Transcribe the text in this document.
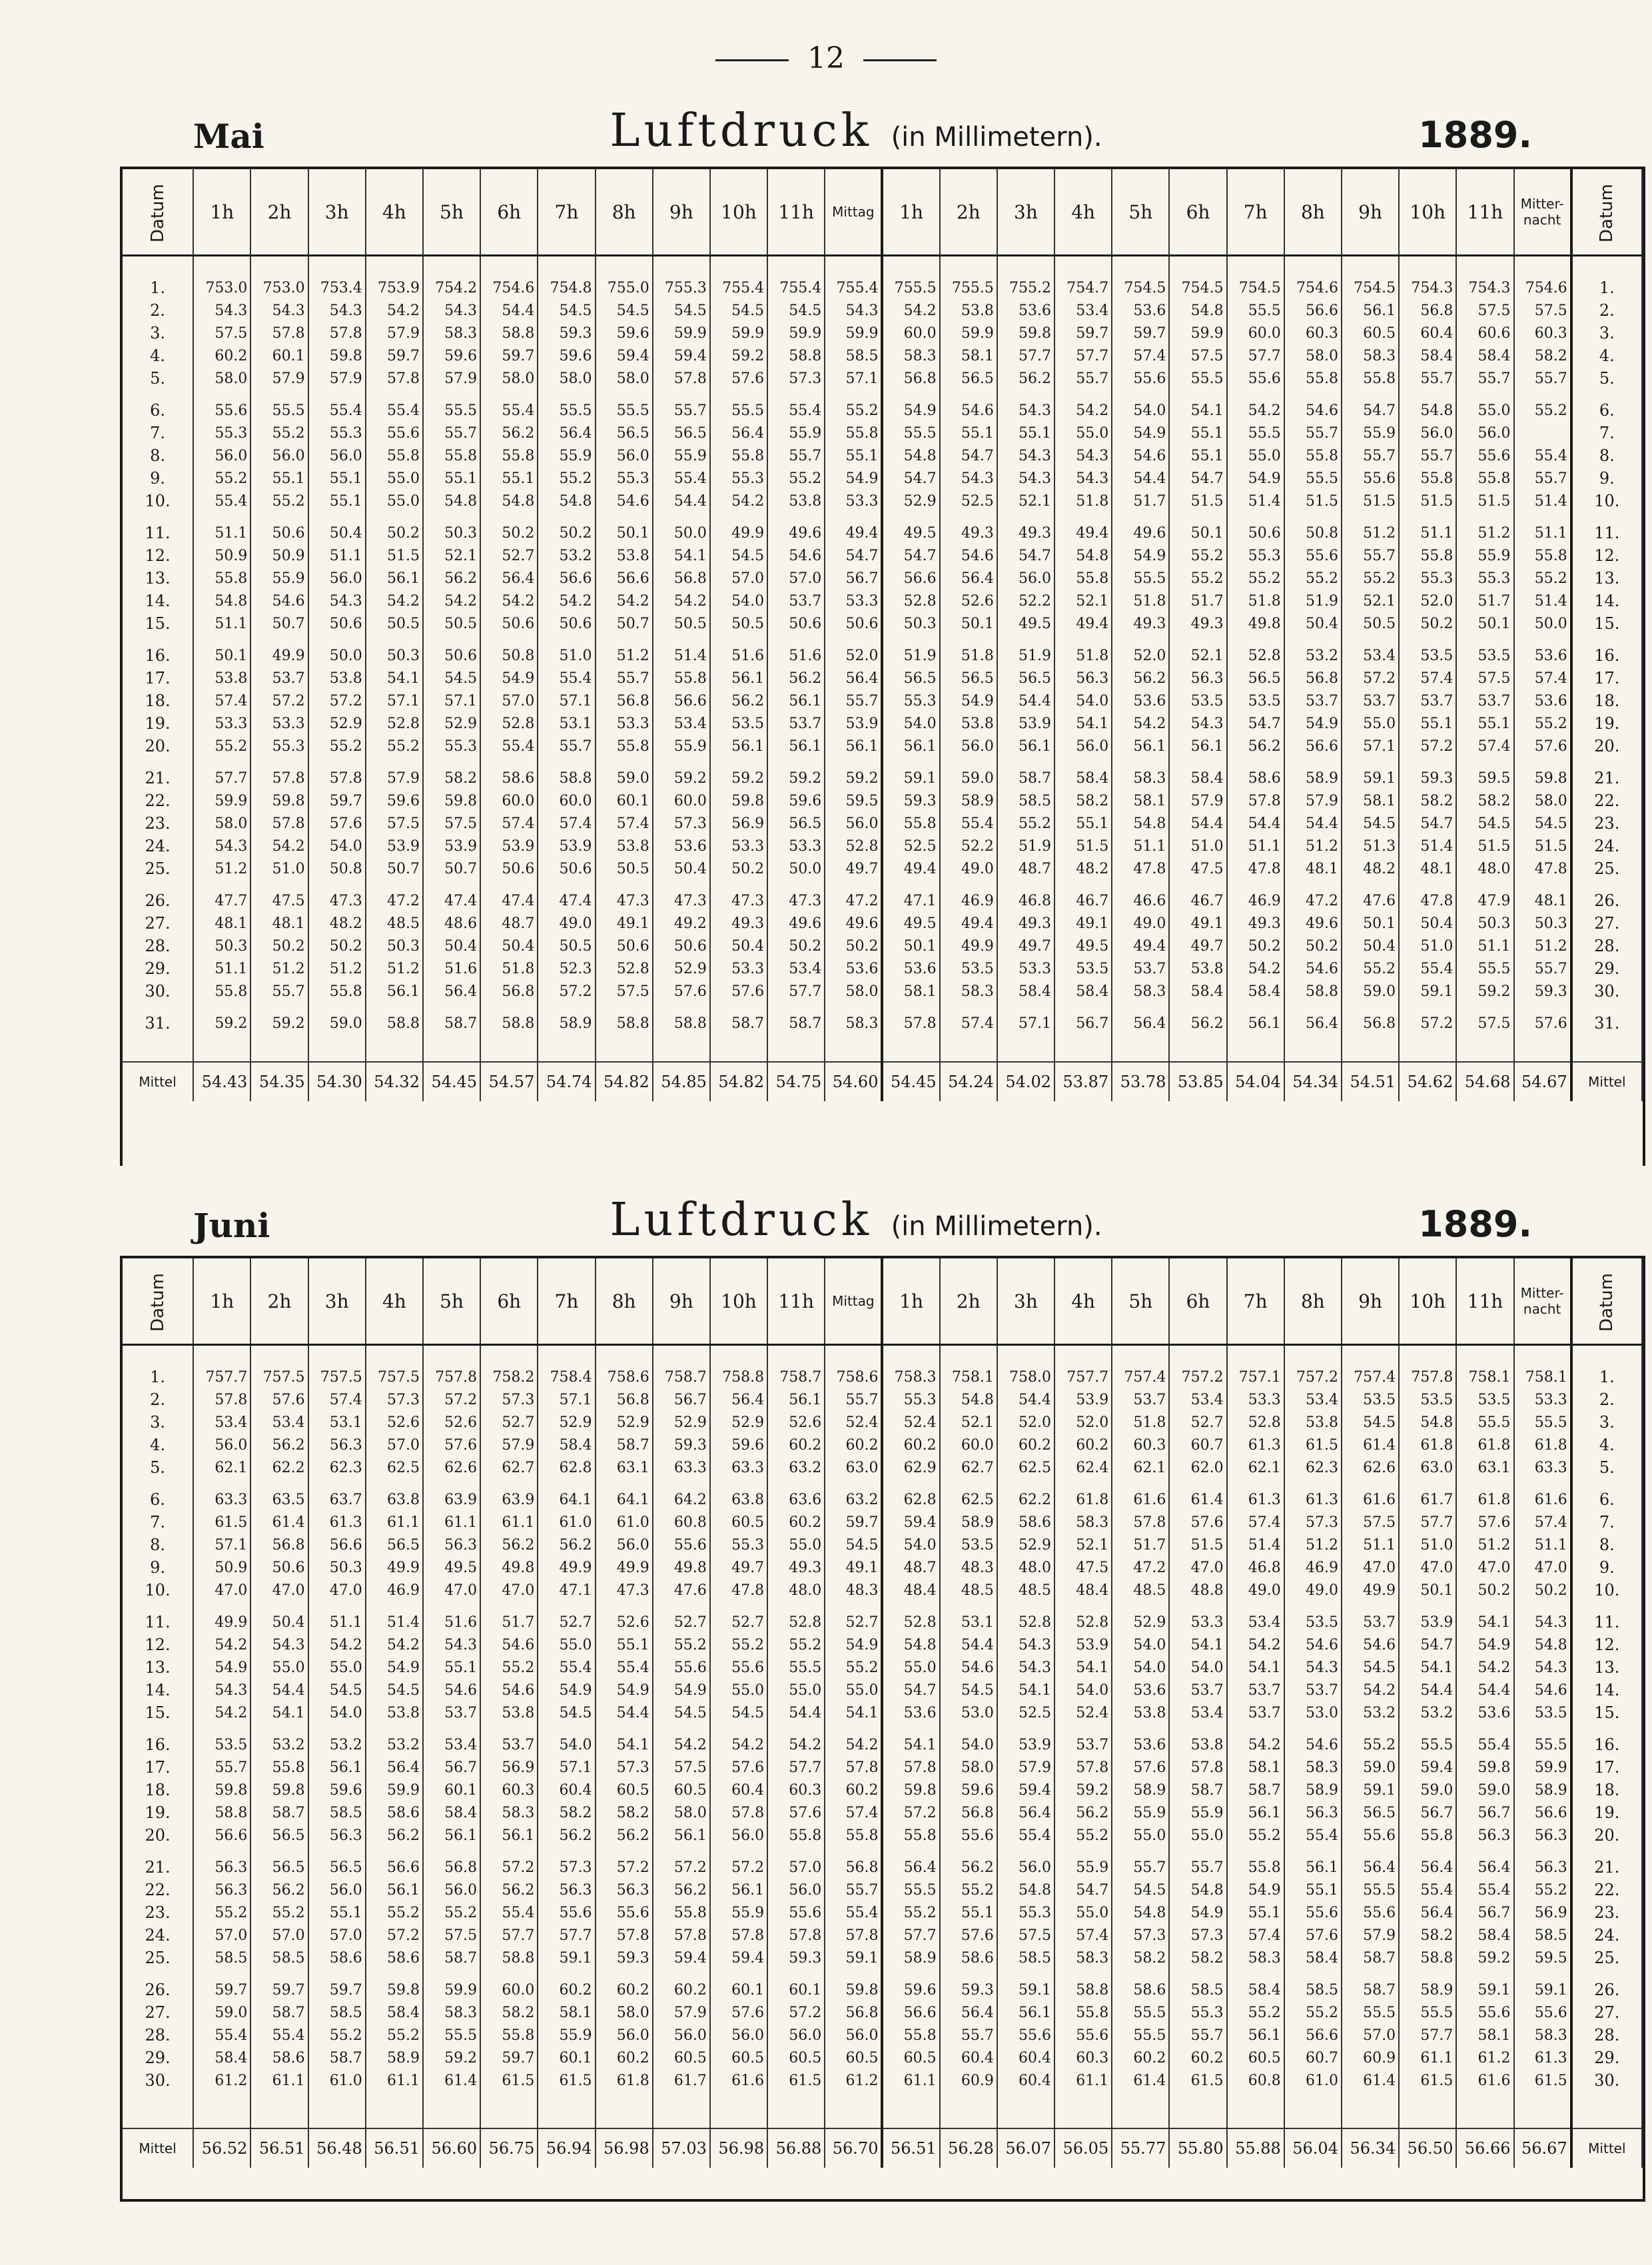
12
Mai	Luftdruck (in Millimetern).	1889.
Datum	1h	2h	3h	4h	5h	6h	7h	8h	9h	10h	11h	Mittag	1h	2h	3h	4h	5h	6h	7h	8h	9h	10h	11h	Mitter-nacht	Datum
1.	753.0	753.0	753.4	753.9	754.2	754.6	754.8	755.0	755.3	755.4	755.4	755.4	755.5	755.5	755.2	754.7	754.5	754.5	754.5	754.6	754.5	754.3	754.3	754.6	1.
2.	54.3	54.3	54.3	54.2	54.3	54.4	54.5	54.5	54.5	54.5	54.5	54.3	54.2	53.8	53.6	53.4	53.6	54.8	55.5	56.6	56.1	56.8	57.5	57.5	2.
3.	57.5	57.8	57.8	57.9	58.3	58.8	59.3	59.6	59.9	59.9	59.9	59.9	60.0	59.9	59.8	59.7	59.7	59.9	60.0	60.3	60.5	60.4	60.6	60.3	3.
4.	60.2	60.1	59.8	59.7	59.6	59.7	59.6	59.4	59.4	59.2	58.8	58.5	58.3	58.1	57.7	57.7	57.4	57.5	57.7	58.0	58.3	58.4	58.4	58.2	4.
5.	58.0	57.9	57.9	57.8	57.9	58.0	58.0	58.0	57.8	57.6	57.3	57.1	56.8	56.5	56.2	55.7	55.6	55.5	55.6	55.8	55.8	55.7	55.7	55.7	5.
6.	55.6	55.5	55.4	55.4	55.5	55.4	55.5	55.5	55.7	55.5	55.4	55.2	54.9	54.6	54.3	54.2	54.0	54.1	54.2	54.6	54.7	54.8	55.0	55.2	6.
7.	55.3	55.2	55.3	55.6	55.7	56.2	56.4	56.5	56.5	56.4	55.9	55.8	55.5	55.1	55.1	55.0	54.9	55.1	55.5	55.7	55.9	56.0	56.0		7.
8.	56.0	56.0	56.0	55.8	55.8	55.8	55.9	56.0	55.9	55.8	55.7	55.1	54.8	54.7	54.3	54.3	54.6	55.1	55.0	55.8	55.7	55.7	55.6	55.4	8.
9.	55.2	55.1	55.1	55.0	55.1	55.1	55.2	55.3	55.4	55.3	55.2	54.9	54.7	54.3	54.3	54.3	54.4	54.7	54.9	55.5	55.6	55.8	55.8	55.7	9.
10.	55.4	55.2	55.1	55.0	54.8	54.8	54.8	54.6	54.4	54.2	53.8	53.3	52.9	52.5	52.1	51.8	51.7	51.5	51.4	51.5	51.5	51.5	51.5	51.4	10.
11.	51.1	50.6	50.4	50.2	50.3	50.2	50.2	50.1	50.0	49.9	49.6	49.4	49.5	49.3	49.3	49.4	49.6	50.1	50.6	50.8	51.2	51.1	51.2	51.1	11.
12.	50.9	50.9	51.1	51.5	52.1	52.7	53.2	53.8	54.1	54.5	54.6	54.7	54.7	54.6	54.7	54.8	54.9	55.2	55.3	55.6	55.7	55.8	55.9	55.8	12.
13.	55.8	55.9	56.0	56.1	56.2	56.4	56.6	56.6	56.8	57.0	57.0	56.7	56.6	56.4	56.0	55.8	55.5	55.2	55.2	55.2	55.2	55.3	55.3	55.2	13.
14.	54.8	54.6	54.3	54.2	54.2	54.2	54.2	54.2	54.2	54.0	53.7	53.3	52.8	52.6	52.2	52.1	51.8	51.7	51.8	51.9	52.1	52.0	51.7	51.4	14.
15.	51.1	50.7	50.6	50.5	50.5	50.6	50.6	50.7	50.5	50.5	50.6	50.6	50.3	50.1	49.5	49.4	49.3	49.3	49.8	50.4	50.5	50.2	50.1	50.0	15.
16.	50.1	49.9	50.0	50.3	50.6	50.8	51.0	51.2	51.4	51.6	51.6	52.0	51.9	51.8	51.9	51.8	52.0	52.1	52.8	53.2	53.4	53.5	53.5	53.6	16.
17.	53.8	53.7	53.8	54.1	54.5	54.9	55.4	55.7	55.8	56.1	56.2	56.4	56.5	56.5	56.5	56.3	56.2	56.3	56.5	56.8	57.2	57.4	57.5	57.4	17.
18.	57.4	57.2	57.2	57.1	57.1	57.0	57.1	56.8	56.6	56.2	56.1	55.7	55.3	54.9	54.4	54.0	53.6	53.5	53.5	53.7	53.7	53.7	53.7	53.6	18.
19.	53.3	53.3	52.9	52.8	52.9	52.8	53.1	53.3	53.4	53.5	53.7	53.9	54.0	53.8	53.9	54.1	54.2	54.3	54.7	54.9	55.0	55.1	55.1	55.2	19.
20.	55.2	55.3	55.2	55.2	55.3	55.4	55.7	55.8	55.9	56.1	56.1	56.1	56.1	56.0	56.1	56.0	56.1	56.1	56.2	56.6	57.1	57.2	57.4	57.6	20.
21.	57.7	57.8	57.8	57.9	58.2	58.6	58.8	59.0	59.2	59.2	59.2	59.2	59.1	59.0	58.7	58.4	58.3	58.4	58.6	58.9	59.1	59.3	59.5	59.8	21.
22.	59.9	59.8	59.7	59.6	59.8	60.0	60.0	60.1	60.0	59.8	59.6	59.5	59.3	58.9	58.5	58.2	58.1	57.9	57.8	57.9	58.1	58.2	58.2	58.0	22.
23.	58.0	57.8	57.6	57.5	57.5	57.4	57.4	57.4	57.3	56.9	56.5	56.0	55.8	55.4	55.2	55.1	54.8	54.4	54.4	54.4	54.5	54.7	54.5	54.5	23.
24.	54.3	54.2	54.0	53.9	53.9	53.9	53.9	53.8	53.6	53.3	53.3	52.8	52.5	52.2	51.9	51.5	51.1	51.0	51.1	51.2	51.3	51.4	51.5	51.5	24.
25.	51.2	51.0	50.8	50.7	50.7	50.6	50.6	50.5	50.4	50.2	50.0	49.7	49.4	49.0	48.7	48.2	47.8	47.5	47.8	48.1	48.2	48.1	48.0	47.8	25.
26.	47.7	47.5	47.3	47.2	47.4	47.4	47.4	47.3	47.3	47.3	47.3	47.2	47.1	46.9	46.8	46.7	46.6	46.7	46.9	47.2	47.6	47.8	47.9	48.1	26.
27.	48.1	48.1	48.2	48.5	48.6	48.7	49.0	49.1	49.2	49.3	49.6	49.6	49.5	49.4	49.3	49.1	49.0	49.1	49.3	49.6	50.1	50.4	50.3	50.3	27.
28.	50.3	50.2	50.2	50.3	50.4	50.4	50.5	50.6	50.6	50.4	50.2	50.2	50.1	49.9	49.7	49.5	49.4	49.7	50.2	50.2	50.4	51.0	51.1	51.2	28.
29.	51.1	51.2	51.2	51.2	51.6	51.8	52.3	52.8	52.9	53.3	53.4	53.6	53.6	53.5	53.3	53.5	53.7	53.8	54.2	54.6	55.2	55.4	55.5	55.7	29.
30.	55.8	55.7	55.8	56.1	56.4	56.8	57.2	57.5	57.6	57.6	57.7	58.0	58.1	58.3	58.4	58.4	58.3	58.4	58.4	58.8	59.0	59.1	59.2	59.3	30.
31.	59.2	59.2	59.0	58.8	58.7	58.8	58.9	58.8	58.8	58.7	58.7	58.3	57.8	57.4	57.1	56.7	56.4	56.2	56.1	56.4	56.8	57.2	57.5	57.6	31.

Mittel	54.43	54.35	54.30	54.32	54.45	54.57	54.74	54.82	54.85	54.82	54.75	54.60	54.45	54.24	54.02	53.87	53.78	53.85	54.04	54.34	54.51	54.62	54.68	54.67	Mittel
Juni	Luftdruck (in Millimetern).	1889.
Datum	1h	2h	3h	4h	5h	6h	7h	8h	9h	10h	11h	Mittag	1h	2h	3h	4h	5h	6h	7h	8h	9h	10h	11h	Mitter-nacht	Datum
1.	757.7	757.5	757.5	757.5	757.8	758.2	758.4	758.6	758.7	758.8	758.7	758.6	758.3	758.1	758.0	757.7	757.4	757.2	757.1	757.2	757.4	757.8	758.1	758.1	1.
2.	57.8	57.6	57.4	57.3	57.2	57.3	57.1	56.8	56.7	56.4	56.1	55.7	55.3	54.8	54.4	53.9	53.7	53.4	53.3	53.4	53.5	53.5	53.5	53.3	2.
3.	53.4	53.4	53.1	52.6	52.6	52.7	52.9	52.9	52.9	52.9	52.6	52.4	52.4	52.1	52.0	52.0	51.8	52.7	52.8	53.8	54.5	54.8	55.5	55.5	3.
4.	56.0	56.2	56.3	57.0	57.6	57.9	58.4	58.7	59.3	59.6	60.2	60.2	60.2	60.0	60.2	60.2	60.3	60.7	61.3	61.5	61.4	61.8	61.8	61.8	4.
5.	62.1	62.2	62.3	62.5	62.6	62.7	62.8	63.1	63.3	63.3	63.2	63.0	62.9	62.7	62.5	62.4	62.1	62.0	62.1	62.3	62.6	63.0	63.1	63.3	5.
6.	63.3	63.5	63.7	63.8	63.9	63.9	64.1	64.1	64.2	63.8	63.6	63.2	62.8	62.5	62.2	61.8	61.6	61.4	61.3	61.3	61.6	61.7	61.8	61.6	6.
7.	61.5	61.4	61.3	61.1	61.1	61.1	61.0	61.0	60.8	60.5	60.2	59.7	59.4	58.9	58.6	58.3	57.8	57.6	57.4	57.3	57.5	57.7	57.6	57.4	7.
8.	57.1	56.8	56.6	56.5	56.3	56.2	56.2	56.0	55.6	55.3	55.0	54.5	54.0	53.5	52.9	52.1	51.7	51.5	51.4	51.2	51.1	51.0	51.2	51.1	8.
9.	50.9	50.6	50.3	49.9	49.5	49.8	49.9	49.9	49.8	49.7	49.3	49.1	48.7	48.3	48.0	47.5	47.2	47.0	46.8	46.9	47.0	47.0	47.0	47.0	9.
10.	47.0	47.0	47.0	46.9	47.0	47.0	47.1	47.3	47.6	47.8	48.0	48.3	48.4	48.5	48.5	48.4	48.5	48.8	49.0	49.0	49.9	50.1	50.2	50.2	10.
11.	49.9	50.4	51.1	51.4	51.6	51.7	52.7	52.6	52.7	52.7	52.8	52.7	52.8	53.1	52.8	52.8	52.9	53.3	53.4	53.5	53.7	53.9	54.1	54.3	11.
12.	54.2	54.3	54.2	54.2	54.3	54.6	55.0	55.1	55.2	55.2	55.2	54.9	54.8	54.4	54.3	53.9	54.0	54.1	54.2	54.6	54.6	54.7	54.9	54.8	12.
13.	54.9	55.0	55.0	54.9	55.1	55.2	55.4	55.4	55.6	55.6	55.5	55.2	55.0	54.6	54.3	54.1	54.0	54.0	54.1	54.3	54.5	54.1	54.2	54.3	13.
14.	54.3	54.4	54.5	54.5	54.6	54.6	54.9	54.9	54.9	55.0	55.0	55.0	54.7	54.5	54.1	54.0	53.6	53.7	53.7	53.7	54.2	54.4	54.4	54.6	14.
15.	54.2	54.1	54.0	53.8	53.7	53.8	54.5	54.4	54.5	54.5	54.4	54.1	53.6	53.0	52.5	52.4	53.8	53.4	53.7	53.0	53.2	53.2	53.6	53.5	15.
16.	53.5	53.2	53.2	53.2	53.4	53.7	54.0	54.1	54.2	54.2	54.2	54.2	54.1	54.0	53.9	53.7	53.6	53.8	54.2	54.6	55.2	55.5	55.4	55.5	16.
17.	55.7	55.8	56.1	56.4	56.7	56.9	57.1	57.3	57.5	57.6	57.7	57.8	57.8	58.0	57.9	57.8	57.6	57.8	58.1	58.3	59.0	59.4	59.8	59.9	17.
18.	59.8	59.8	59.6	59.9	60.1	60.3	60.4	60.5	60.5	60.4	60.3	60.2	59.8	59.6	59.4	59.2	58.9	58.7	58.7	58.9	59.1	59.0	59.0	58.9	18.
19.	58.8	58.7	58.5	58.6	58.4	58.3	58.2	58.2	58.0	57.8	57.6	57.4	57.2	56.8	56.4	56.2	55.9	55.9	56.1	56.3	56.5	56.7	56.7	56.6	19.
20.	56.6	56.5	56.3	56.2	56.1	56.1	56.2	56.2	56.1	56.0	55.8	55.8	55.8	55.6	55.4	55.2	55.0	55.0	55.2	55.4	55.6	55.8	56.3	56.3	20.
21.	56.3	56.5	56.5	56.6	56.8	57.2	57.3	57.2	57.2	57.2	57.0	56.8	56.4	56.2	56.0	55.9	55.7	55.7	55.8	56.1	56.4	56.4	56.4	56.3	21.
22.	56.3	56.2	56.0	56.1	56.0	56.2	56.3	56.3	56.2	56.1	56.0	55.7	55.5	55.2	54.8	54.7	54.5	54.8	54.9	55.1	55.5	55.4	55.4	55.2	22.
23.	55.2	55.2	55.1	55.2	55.2	55.4	55.6	55.6	55.8	55.9	55.6	55.4	55.2	55.1	55.3	55.0	54.8	54.9	55.1	55.6	55.6	56.4	56.7	56.9	23.
24.	57.0	57.0	57.0	57.2	57.5	57.7	57.7	57.8	57.8	57.8	57.8	57.8	57.7	57.6	57.5	57.4	57.3	57.3	57.4	57.6	57.9	58.2	58.4	58.5	24.
25.	58.5	58.5	58.6	58.6	58.7	58.8	59.1	59.3	59.4	59.4	59.3	59.1	58.9	58.6	58.5	58.3	58.2	58.2	58.3	58.4	58.7	58.8	59.2	59.5	25.
26.	59.7	59.7	59.7	59.8	59.9	60.0	60.2	60.2	60.2	60.1	60.1	59.8	59.6	59.3	59.1	58.8	58.6	58.5	58.4	58.5	58.7	58.9	59.1	59.1	26.
27.	59.0	58.7	58.5	58.4	58.3	58.2	58.1	58.0	57.9	57.6	57.2	56.8	56.6	56.4	56.1	55.8	55.5	55.3	55.2	55.2	55.5	55.5	55.6	55.6	27.
28.	55.4	55.4	55.2	55.2	55.5	55.8	55.9	56.0	56.0	56.0	56.0	56.0	55.8	55.7	55.6	55.6	55.5	55.7	56.1	56.6	57.0	57.7	58.1	58.3	28.
29.	58.4	58.6	58.7	58.9	59.2	59.7	60.1	60.2	60.5	60.5	60.5	60.5	60.5	60.4	60.4	60.3	60.2	60.2	60.5	60.7	60.9	61.1	61.2	61.3	29.
30.	61.2	61.1	61.0	61.1	61.4	61.5	61.5	61.8	61.7	61.6	61.5	61.2	61.1	60.9	60.4	61.1	61.4	61.5	60.8	61.0	61.4	61.5	61.6	61.5	30.

Mittel	56.52	56.51	56.48	56.51	56.60	56.75	56.94	56.98	57.03	56.98	56.88	56.70	56.51	56.28	56.07	56.05	55.77	55.80	55.88	56.04	56.34	56.50	56.66	56.67	Mittel
